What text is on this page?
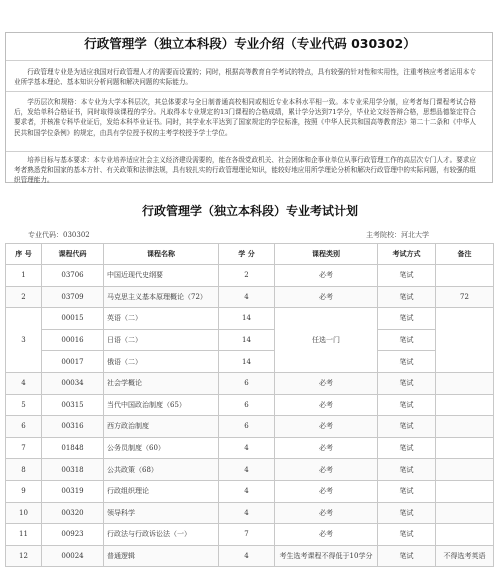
行政管理学（独立本科段）专业介绍（专业代码 030302）
行政管理专业是为适应我国对行政管理人才的需要而设置的；同时，根据高等教育自学考试的特点，具有较强的针对性和实用性，注重考核应考者运用本专业所学基本理论、基本知识分析问题和解决问题的实际能力。
学历层次和规格：本专业为大学本科层次，其总体要求与全日制普通高校相同或相近专业本科水平相一致。本专业采用学分制，应考者每门课程考试合格后，发给单科合格证书，同时取得该课程的学分。凡取得本专业规定的13门课程的合格成绩，累计学分达到71学分，毕业论文经答辩合格，思想品德鉴定符合要求者，并核准专科毕业证后，发给本科毕业证书。同时，其学业水平达到了国家规定的学位标准，按照《中华人民共和国高等教育法》第二十二条和《中华人民共和国学位条例》的规定，由具有学位授予权的主考学校授予学士学位。
培养目标与基本要求：本专业培养适应社会主义经济建设需要的，能在各级党政机关、社会团体和企事业单位从事行政管理工作的高层次专门人才。要求应考者熟悉党和国家的基本方针、有关政策和法律法规，具有较扎实的行政管理理论知识，能较好地应用所学理论分析和解决行政管理中的实际问题，有较强的组织管理能力。
行政管理学（独立本科段）专业考试计划
专业代码：030302	主考院校：河北大学
序 号	课程代码	课程名称	学 分	课程类别	考试方式	备注
1	03706	中国近现代史纲要	2	必考	笔试	
2	03709	马克思主义基本原理概论（72）	4	必考	笔试	72
3	00015	英语（二）	14	任选一门	笔试	
	00016	日语（二）	14		笔试	
	00017	俄语（二）	14		笔试	
4	00034	社会学概论	6	必考	笔试	
5	00315	当代中国政治制度（65）	6	必考	笔试	
6	00316	西方政治制度	6	必考	笔试	
7	01848	公务员制度（60）	4	必考	笔试	
8	00318	公共政策（68）	4	必考	笔试	
9	00319	行政组织理论	4	必考	笔试	
10	00320	领导科学	4	必考	笔试	
11	00923	行政法与行政诉讼法（一）	7	必考	笔试	
12	00024	普通逻辑	4	考生选考课程不得低于10学分	笔试	不得选考英语
